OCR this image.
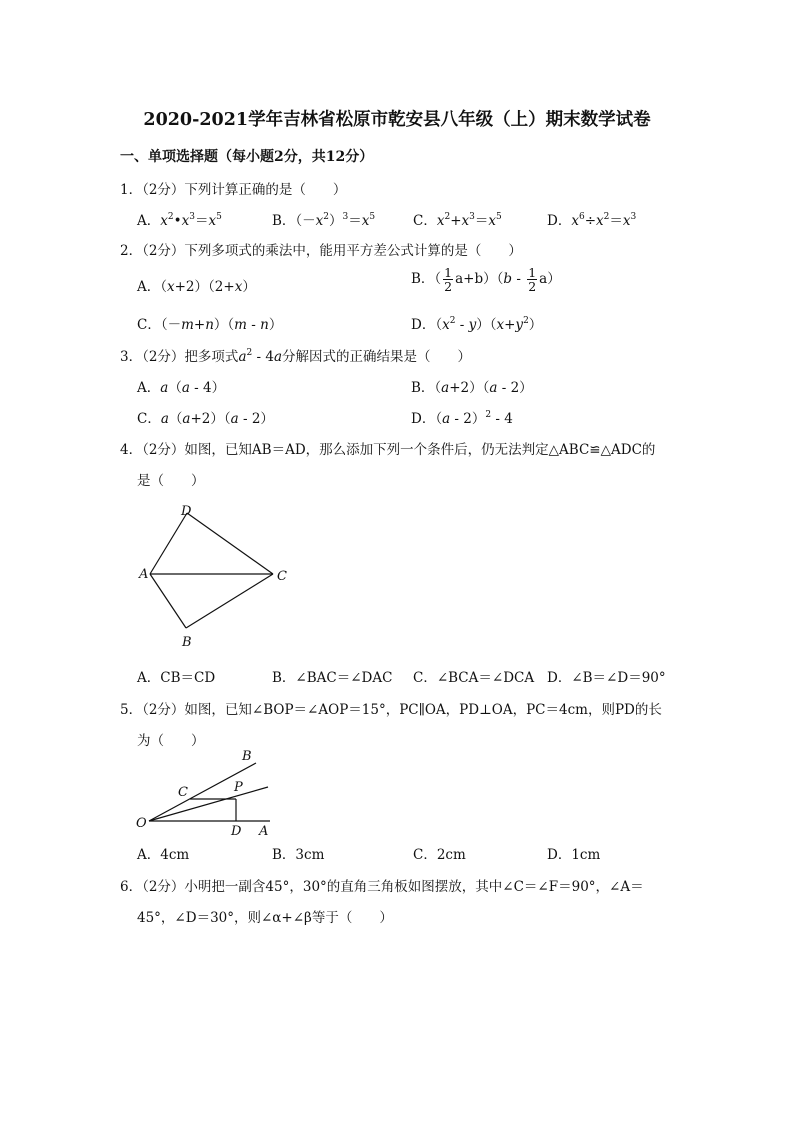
2020-2021学年吉林省松原市乾安县八年级（上）期末数学试卷
一、单项选择题（每小题2分，共12分）
1．（2分）下列计算正确的是（　　）
A．$x^2•x^3=x^5$	B．$(-x^2)^3=x^5$	C．$x^2+x^3=x^5$	D．$x^6\div x^2=x^3$
2．（2分）下列多项式的乘法中，能用平方差公式计算的是（　　）
A．（x+2）（2+x）	B．（ $\frac{1}{2} a+b)(b - \frac{1}{2} a)$
C．（－m+n）（m - n）	D．$(x^2 - y)(x+y^2)$
3．（2分）把多项式$a^2 - 4a$分解因式的正确结果是（　　）
A．a（a - 4）	B．（a+2）（a - 2）
C．a（a+2）（a - 2）	D．（a - 2）$^2$ - 4
4．（2分）如图，已知AB＝AD，那么添加下列一个条件后，仍无法判定△ABC≌△ADC的
是（　　）
D
A	C
B
A．CB＝CD	B．∠BAC＝∠DAC C．∠BCA＝∠DCA D．∠B＝∠D＝90°
5．（2分）如图，已知∠BOP＝∠AOP＝15°，PC∥OA，PD⊥OA，PC＝4cm，则PD的长
为（　　）
B
C	P
O
D A
A．4cm	B．3cm	C．2cm	D．1cm
6．（2分）小明把一副含45°，30°的直角三角板如图摆放，其中∠C＝∠F＝90°，∠A＝
45°，∠D＝30°，则∠α+∠β等于（　　）
